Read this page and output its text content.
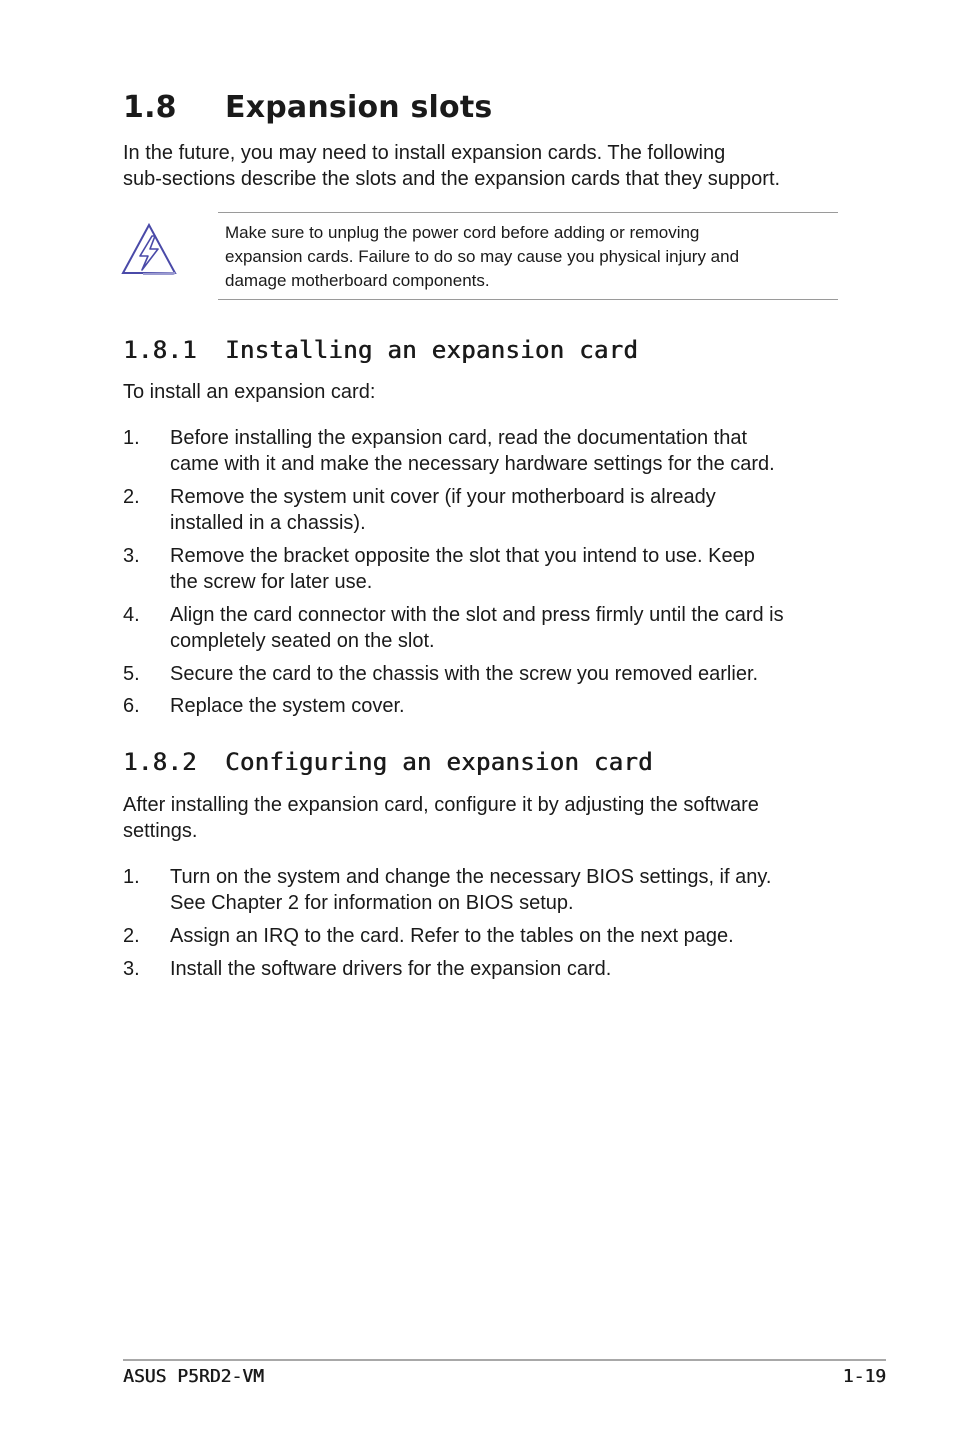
1.8 Expansion slots

In the future, you may need to install expansion cards. The following
sub-sections describe the slots and the expansion cards that they support.

Make sure to unplug the power cord before adding or removing
expansion cards. Failure to do so may cause you physical injury and
damage motherboard components.

1.8.1 Installing an expansion card

To install an expansion card:

1. Before installing the expansion card, read the documentation that
came with it and make the necessary hardware settings for the card.
2. Remove the system unit cover (if your motherboard is already
installed in a chassis).
3. Remove the bracket opposite the slot that you intend to use. Keep
the screw for later use.
4. Align the card connector with the slot and press firmly until the card is
completely seated on the slot.
5. Secure the card to the chassis with the screw you removed earlier.
6. Replace the system cover.
1.8.2 Configuring an expansion card

After installing the expansion card, configure it by adjusting the software
settings.

1. Turn on the system and change the necessary BIOS settings, if any.
See Chapter 2 for information on BIOS setup.
2. Assign an IRQ to the card. Refer to the tables on the next page.
3. Install the software drivers for the expansion card.

ASUS P5RD2-VM	1-19
